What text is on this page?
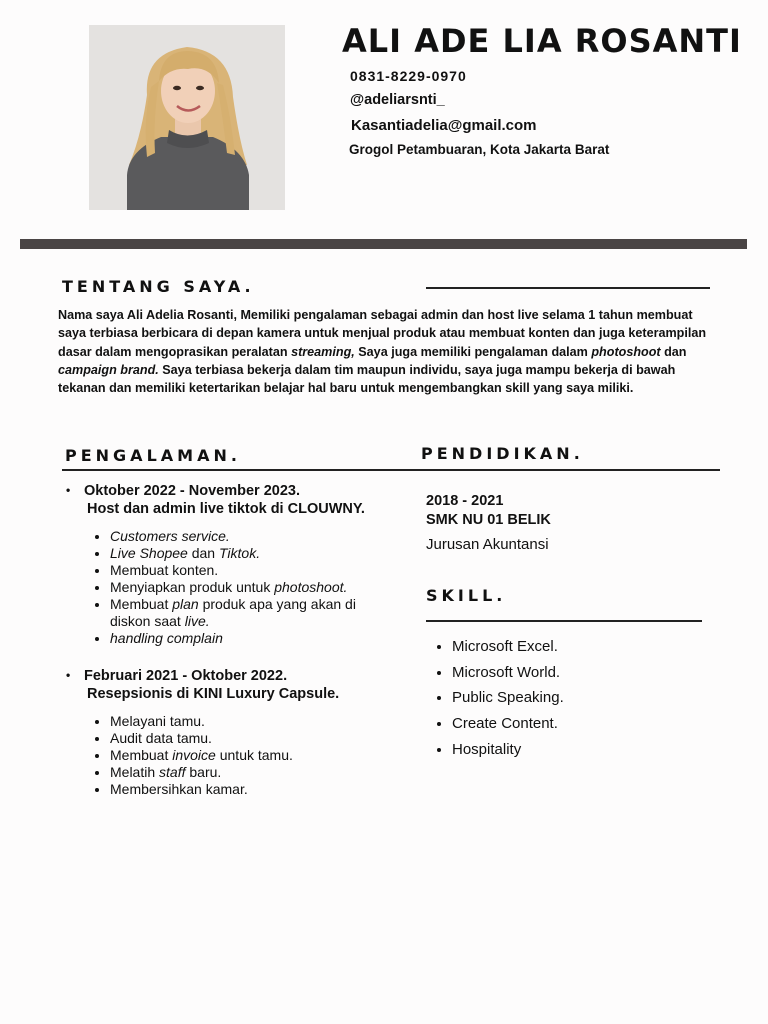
ALI ADE LIA ROSANTI
0831-8229-0970
@adeliarsnti_
Kasantiadelia@gmail.com
Grogol Petambuaran, Kota Jakarta Barat
TENTANG SAYA.

Nama saya Ali Adelia Rosanti, Memiliki pengalaman sebagai admin dan host live selama 1 tahun membuat saya terbiasa berbicara di depan kamera untuk menjual produk atau membuat konten dan juga keterampilan dasar dalam mengoprasikan peralatan streaming, Saya juga memiliki pengalaman dalam photoshoot dan campaign brand. Saya terbiasa bekerja dalam tim maupun individu, saya juga mampu bekerja di bawah tekanan dan memiliki ketertarikan belajar hal baru untuk mengembangkan skill yang saya miliki.

PENGALAMAN.
• Oktober 2022 - November 2023.
Host dan admin live tiktok di CLOUWNY.
• Customers service.
• Live Shopee dan Tiktok.
• Membuat konten.
• Menyiapkan produk untuk photoshoot.
• Membuat plan produk apa yang akan di diskon saat live.
• handling complain
• Februari 2021 - Oktober 2022.
Resepsionis di KINI Luxury Capsule.
• Melayani tamu.
• Audit data tamu.
• Membuat invoice untuk tamu.
• Melatih staff baru.
• Membersihkan kamar.
PENDIDIKAN.
2018 - 2021
SMK NU 01 BELIK
Jurusan Akuntansi
SKILL.
• Microsoft Excel.
• Microsoft World.
• Public Speaking.
• Create Content.
• Hospitality
